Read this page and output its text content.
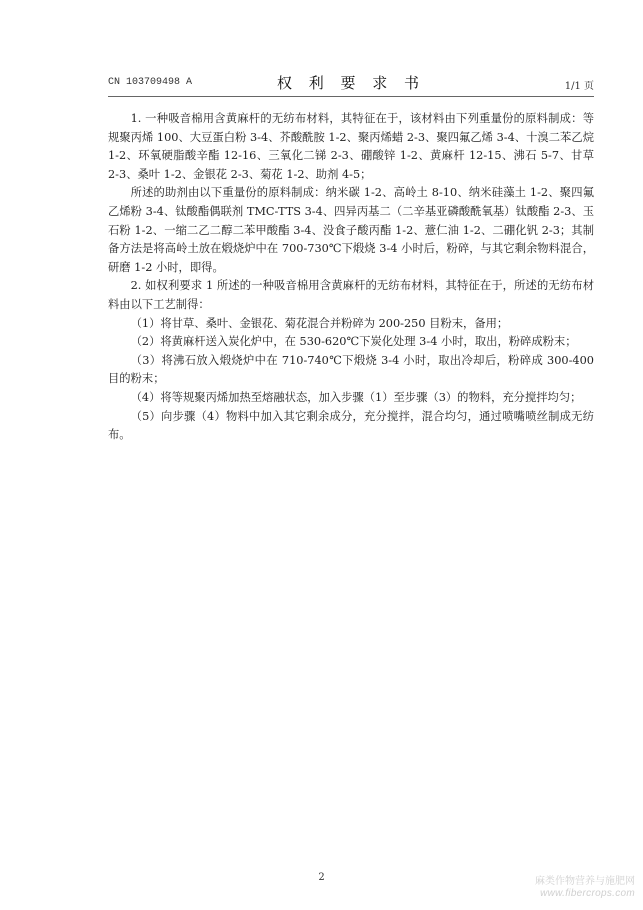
CN 103709498 A	权 利 要 求 书	1/1 页

1. 一种吸音棉用含黄麻杆的无纺布材料，其特征在于，该材料由下列重量份的原料制成：等规聚丙烯 100、大豆蛋白粉 3-4、芥酸酰胺 1-2、聚丙烯蜡 2-3、聚四氟乙烯 3-4、十溴二苯乙烷 1-2、环氧硬脂酸辛酯 12-16、三氧化二锑 2-3、硼酸锌 1-2、黄麻杆 12-15、沸石 5-7、甘草 2-3、桑叶 1-2、金银花 2-3、菊花 1-2、助剂 4-5；

所述的助剂由以下重量份的原料制成：纳米碳 1-2、高岭土 8-10、纳米硅藻土 1-2、聚四氟乙烯粉 3-4、钛酸酯偶联剂 TMC-TTS 3-4、四异丙基二（二辛基亚磷酸酰氧基）钛酸酯 2-3、玉石粉 1-2、一缩二乙二醇二苯甲酸酯 3-4、没食子酸丙酯 1-2、薏仁油 1-2、二硼化钒 2-3；其制备方法是将高岭土放在煅烧炉中在 700-730℃下煅烧 3-4 小时后，粉碎，与其它剩余物料混合，研磨 1-2 小时，即得。

2. 如权利要求 1 所述的一种吸音棉用含黄麻杆的无纺布材料，其特征在于，所述的无纺布材料由以下工艺制得：

（1）将甘草、桑叶、金银花、菊花混合并粉碎为 200-250 目粉末，备用；

（2）将黄麻杆送入炭化炉中，在 530-620℃下炭化处理 3-4 小时，取出，粉碎成粉末；

（3）将沸石放入煅烧炉中在 710-740℃下煅烧 3-4 小时，取出冷却后，粉碎成 300-400 目的粉末；

（4）将等规聚丙烯加热至熔融状态，加入步骤（1）至步骤（3）的物料，充分搅拌均匀；

（5）向步骤（4）物料中加入其它剩余成分，充分搅拌，混合均匀，通过喷嘴喷丝制成无纺布。

2	麻类作物营养与施肥网
www.fibercrops.com
